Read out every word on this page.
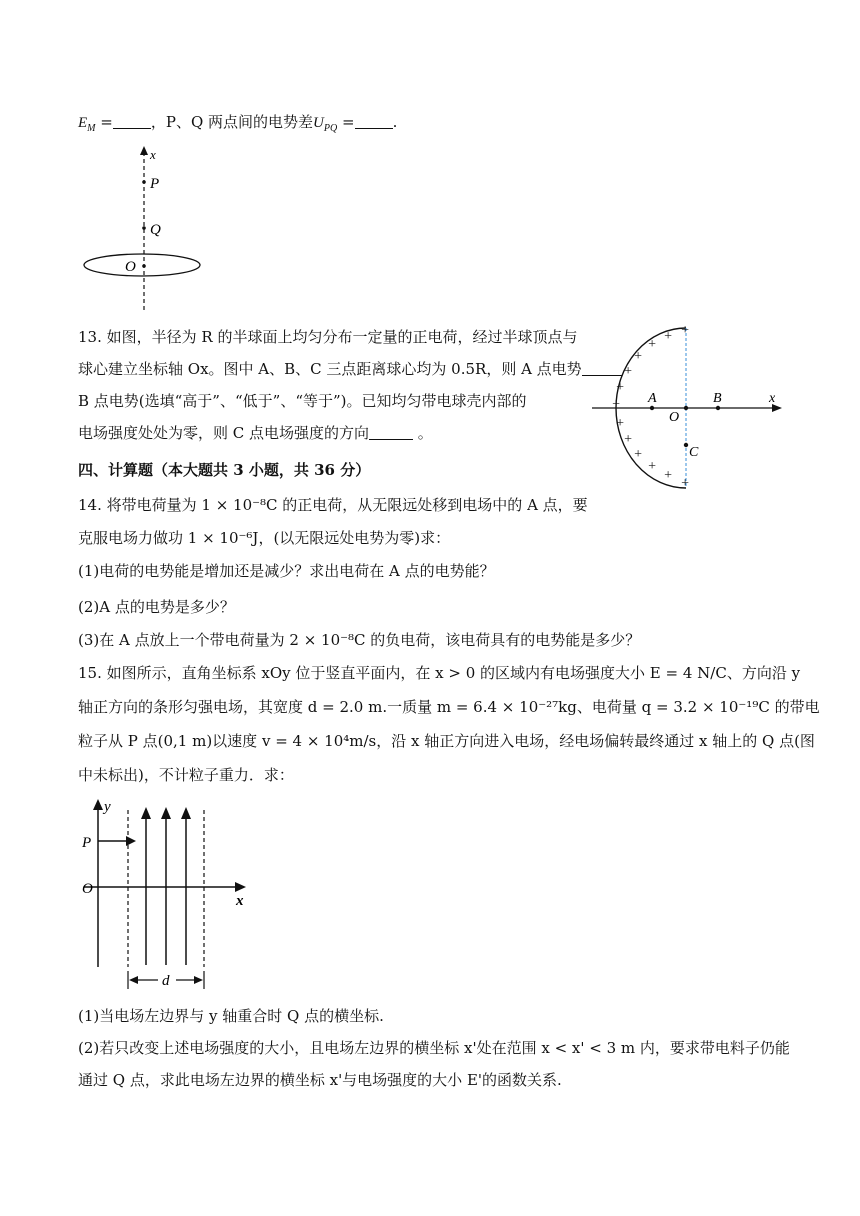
$E_M$ =	，P、Q 两点间的电势差$U_{PQ}$ =	.
x
P
Q
O
13. 如图，半径为 R 的半球面上均匀分布一定量的正电荷，经过半球顶点与
球心建立坐标轴 Ox。图中 A、B、C 三点距离球心均为 0.5R，则 A 点电势
B 点电势(选填“高于”、“低于”、“等于”)。已知均匀带电球壳内部的
电场强度处处为零，则 C 点电场强度的方向	。
x
A
O
B
C
+
+
+
+
+
+
+
+
+
+
+
+
+
四、计算题（本大题共 3 小题，共 36 分）
14. 将带电荷量为 1 × 10⁻⁸C 的正电荷，从无限远处移到电场中的 A 点，要
克服电场力做功 1 × 10⁻⁶J，(以无限远处电势为零)求：
(1)电荷的电势能是增加还是减少？求出电荷在 A 点的电势能？
(2)A 点的电势是多少？
(3)在 A 点放上一个带电荷量为 2 × 10⁻⁸C 的负电荷，该电荷具有的电势能是多少？
15. 如图所示，直角坐标系 xOy 位于竖直平面内，在 x > 0 的区域内有电场强度大小 E = 4 N/C、方向沿 y
轴正方向的条形匀强电场，其宽度 d = 2.0 m.一质量 m = 6.4 × 10⁻²⁷kg、电荷量 q = 3.2 × 10⁻¹⁹C 的带电
粒子从 P 点(0,1 m)以速度 v = 4 × 10⁴m/s，沿 x 轴正方向进入电场，经电场偏转最终通过 x 轴上的 Q 点(图
中未标出)，不计粒子重力．求：
y
x
O
P
d
(1)当电场左边界与 y 轴重合时 Q 点的横坐标.
(2)若只改变上述电场强度的大小，且电场左边界的横坐标 x'处在范围 x < x' < 3 m 内，要求带电料子仍能
通过 Q 点，求此电场左边界的横坐标 x'与电场强度的大小 E'的函数关系.
